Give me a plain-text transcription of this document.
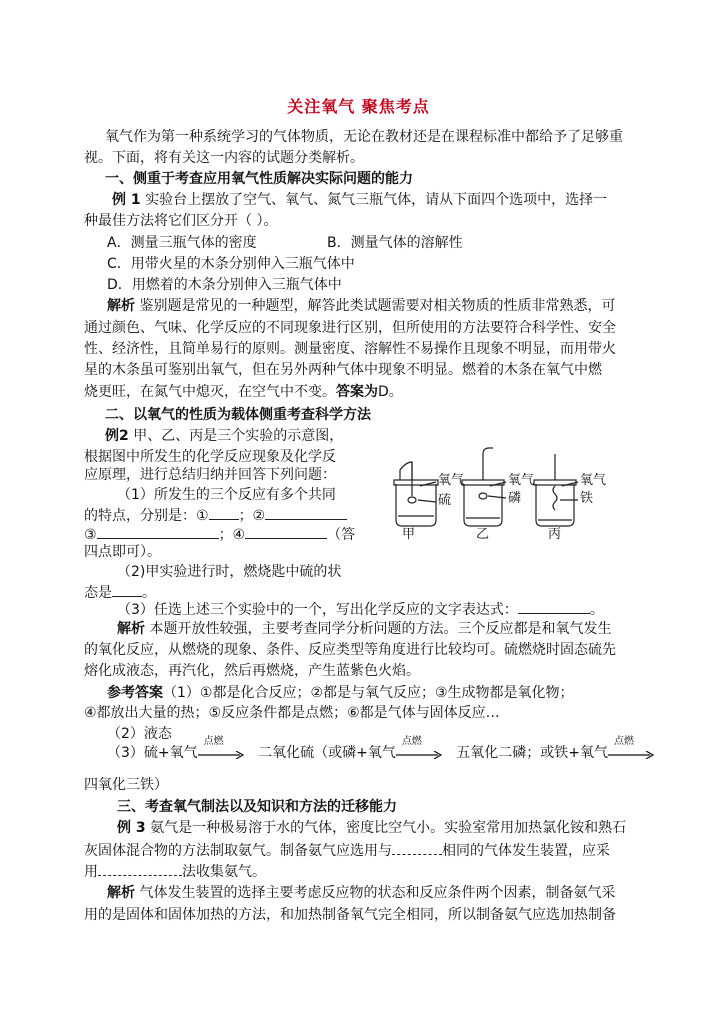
关注氧气 聚焦考点
氧气作为第一种系统学习的气体物质，无论在教材还是在课程标准中都给予了足够重
视。下面，将有关这一内容的试题分类解析。
一、侧重于考查应用氧气性质解决实际问题的能力
例 1 实验台上摆放了空气、氧气、氮气三瓶气体，请从下面四个选项中，选择一
种最佳方法将它们区分开（ ）。
A．测量三瓶气体的密度	B．测量气体的溶解性
C．用带火星的木条分别伸入三瓶气体中
D．用燃着的木条分别伸入三瓶气体中
解析 鉴别题是常见的一种题型，解答此类试题需要对相关物质的性质非常熟悉，可
通过颜色、气味、化学反应的不同现象进行区别，但所使用的方法要符合科学性、安全
性、经济性，且简单易行的原则。测量密度、溶解性不易操作且现象不明显，而用带火
星的木条虽可鉴别出氧气，但在另外两种气体中现象不明显。燃着的木条在氧气中燃
烧更旺，在氮气中熄灭，在空气中不变。答案为D。
二、以氧气的性质为载体侧重考查科学方法
例2 甲、乙、丙是三个实验的示意图，
根据图中所发生的化学反应现象及化学反
应原理，进行总结归纳并回答下列问题：	氧气
硫
氧气
磷
氧气
铁
甲	乙	丙
（1）所发生的三个反应有多个共同
的特点，分别是：① ；②
③	；④	（答
四点即可）。
（2)甲实验进行时，燃烧匙中硫的状
态是 。
（3）任选上述三个实验中的一个，写出化学反应的文字表达式：	。
解析 本题开放性较强，主要考查同学分析问题的方法。三个反应都是和氧气发生
的氧化反应，从燃烧的现象、条件、反应类型等角度进行比较均可。硫燃烧时固态硫先
熔化成液态，再汽化，然后再燃烧，产生蓝紫色火焰。
参考答案（1）①都是化合反应；②都是与氧气反应；③生成物都是氧化物；
④都放出大量的热；⑤反应条件都是点燃；⑥都是气体与固体反应…
（2）液态
（3）硫+氧气
点燃
二氧化硫（或磷+氧气
点燃
五氧化二磷；或铁+氧气
点燃
四氧化三铁）
三、考查氧气制法以及知识和方法的迁移能力
例 3 氨气是一种极易溶于水的气体，密度比空气小。实验室常用加热氯化铵和熟石
灰固体混合物的方法制取氨气。制备氨气应选用与	相同的气体发生装置，应采
用	法收集氨气。
解析 气体发生装置的选择主要考虑反应物的状态和反应条件两个因素，制备氨气采
用的是固体和固体加热的方法，和加热制备氧气完全相同，所以制备氨气应选加热制备
